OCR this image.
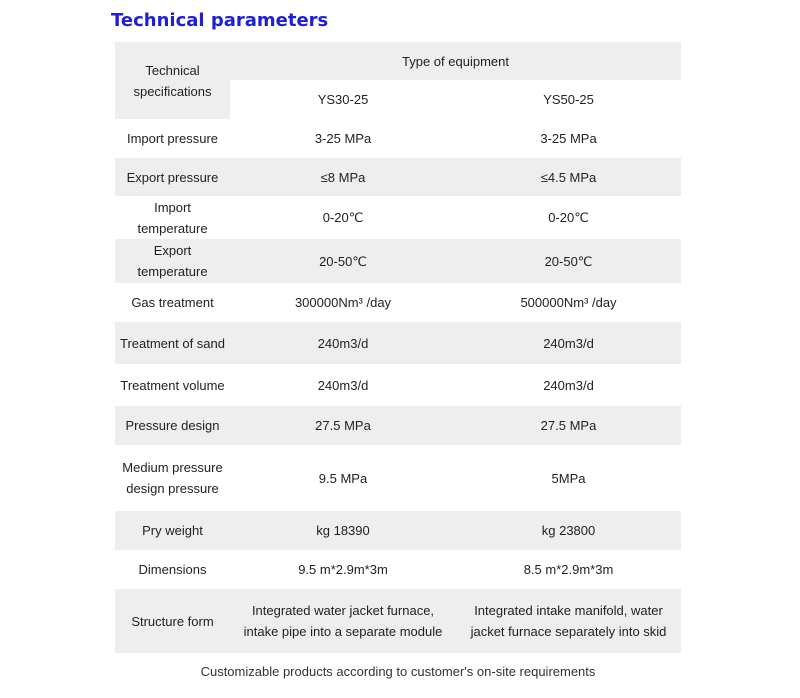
Technical parameters
Technical specifications	Type of equipment	
	YS30-25	YS50-25
Import pressure	3-25 MPa	3-25 MPa
Export pressure	≤8 MPa	≤4.5 MPa
Import temperature	0-20℃	0-20℃
Export temperature	20-50℃	20-50℃
Gas treatment	300000Nm³ /day	500000Nm³ /day
Treatment of sand	240m3/d	240m3/d
Treatment volume	240m3/d	240m3/d
Pressure design	27.5 MPa	27.5 MPa
Medium pressure design pressure	9.5 MPa	5MPa
Pry weight	kg 18390	kg 23800
Dimensions	9.5 m*2.9m*3m	8.5 m*2.9m*3m
Structure form	Integrated water jacket furnace, intake pipe into a separate module	Integrated intake manifold, water jacket furnace separately into skid
Customizable products according to customer's on-site requirements
